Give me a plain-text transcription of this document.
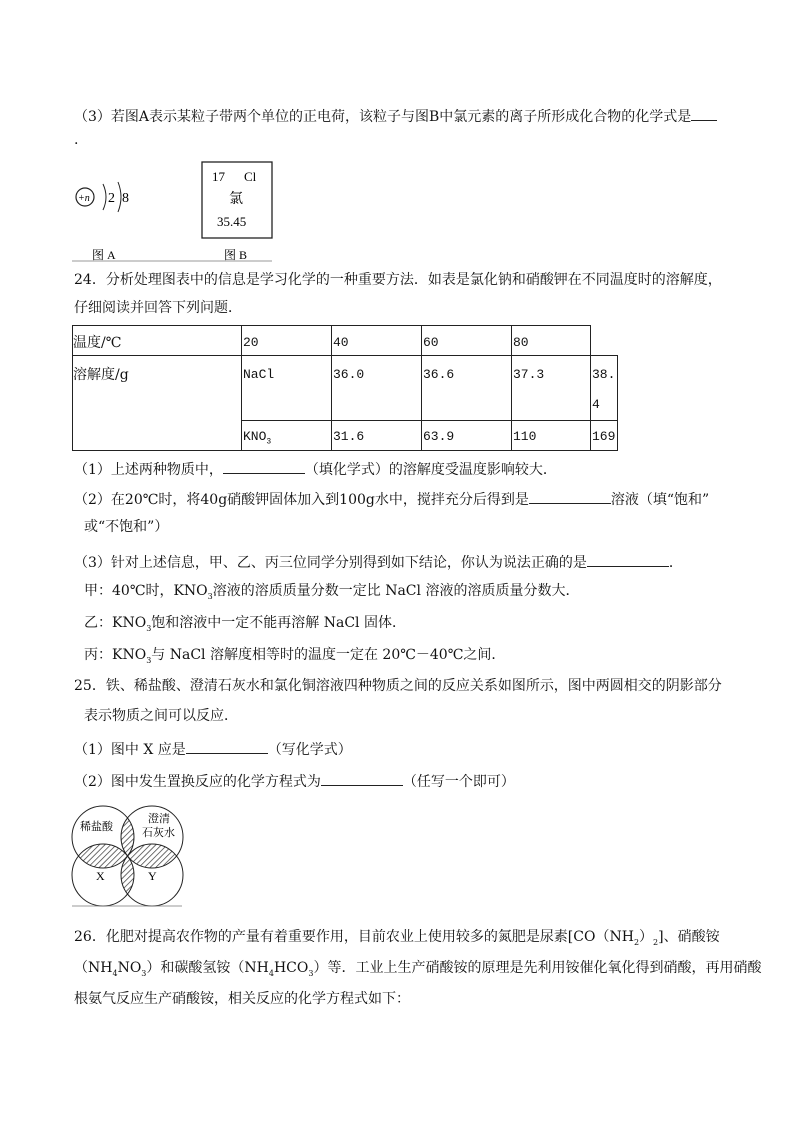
（3）若图A表示某粒子带两个单位的正电荷，该粒子与图B中氯元素的离子所形成化合物的化学式是
.
+n 2 8
图 A
17 Cl
氯
35.45
图 B
24．分析处理图表中的信息是学习化学的一种重要方法．如表是氯化钠和硝酸钾在不同温度时的溶解度，
仔细阅读并回答下列问题．
温度/℃	20	40	60	80
溶解度/g	NaCl	36.0	36.6	37.3	38.
4
$KNO_3$	31.6	63.9	110	169
（1）上述两种物质中，	（填化学式）的溶解度受温度影响较大．
（2）在20℃时，将40g硝酸钾固体加入到100g水中，搅拌充分后得到是	溶液（填“饱和”
或“不饱和”）
（3）针对上述信息，甲、乙、丙三位同学分别得到如下结论，你认为说法正确的是	．
甲：40℃时，$KNO_3$溶液的溶质质量分数一定比 NaCl 溶液的溶质质量分数大．
乙：$KNO_3$饱和溶液中一定不能再溶解 NaCl 固体．
丙：$KNO_3$与 NaCl 溶解度相等时的温度一定在 20℃－40℃之间．
25．铁、稀盐酸、澄清石灰水和氯化铜溶液四种物质之间的反应关系如图所示，图中两圆相交的阴影部分
表示物质之间可以反应．
（1）图中 X 应是	（写化学式）
（2）图中发生置换反应的化学方程式为	（任写一个即可）
稀盐酸
澄清
石灰水
X	Y
26．化肥对提高农作物的产量有着重要作用，目前农业上使用较多的氮肥是尿素$[CO(NH_2)_2]$、硝酸铵
$(NH_4NO_3)$和碳酸氢铵$(NH_4HCO_3)$等．工业上生产硝酸铵的原理是先利用铵催化氧化得到硝酸，再用硝酸
根氨气反应生产硝酸铵，相关反应的化学方程式如下：
